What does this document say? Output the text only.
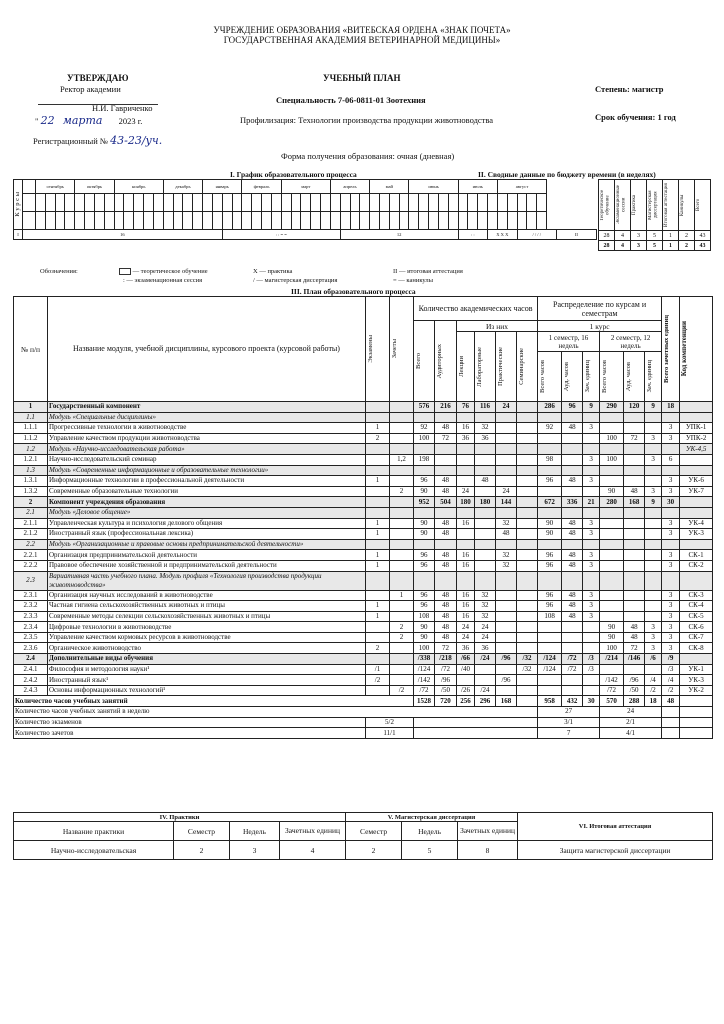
УЧРЕЖДЕНИЕ ОБРАЗОВАНИЯ «ВИТЕБСКАЯ ОРДЕНА «ЗНАК ПОЧЕТА»
ГОСУДАРСТВЕННАЯ АКАДЕМИЯ ВЕТЕРИНАРНОЙ МЕДИЦИНЫ»
УТВЕРЖДАЮ
Ректор академии
Н.И. Гавриченко
" 22 марта 2023 г.
Регистрационный № 43-23/уч.
УЧЕБНЫЙ ПЛАН
Специальность 7-06-0811-01 Зоотехния
Профилизация: Технологии производства продукции животноводства
Степень: магистр
Срок обучения: 1 год
Форма получения образования: очная (дневная)
I. График образовательного процесса	II. Сводные данные по бюджету времени (в неделях)
К у р с ы		сентябрь				октябрь				ноябрь					декабрь				январь				февраль				март					апрель				май				июнь					июль				август					

I	16																				: : = =												12												: :			X X X			/ / / /			II
Теоретическое обучение	Экзаменационные сессии	Практика	Магистерская диссертация	Итоговая аттестация	Каникулы	Всего

28	4	3	5	1	2	43
28	4	3	5	1	2	43
Обозначения:	— теоретическое обучение
: — экзаменационная сессия
X — практика
/ — магистерская диссертация
II — итоговая аттестация
= — каникулы
III. План образовательного процесса
№ п/п	Название модуля, учебной дисциплины, курсового проекта (курсовой работы)	Экзамены	Зачеты	Количество академических часов						Распределение по курсам и семестрам						Всего зачетных единиц	Код компетенции

				Всего	Аудиторных	Из них				1 курс							

						Лекции	Лабораторные	Практические	Семинарские	1 семестр, 16 недель			2 семестр, 12 недель				

										Всего часов	Ауд. часов	Зач. единиц	Всего часов	Ауд. часов	Зач. единиц		

1	Государственный компонент			576	216	76	116	24		286	96	9	290	120	9	18	
1.1	Модуль «Специальные дисциплины»																
1.1.1	Прогрессивные технологии в животноводстве	1		92	48	16	32			92	48	3				3	УПК-1
1.1.2	Управление качеством продукции животноводства	2		100	72	36	36						100	72	3	3	УПК-2
1.2	Модуль «Научно-исследовательская работа»																УК-4,5
1.2.1	Научно-исследовательский семинар		1,2	198						98		3	100		3	6	
1.3	Модуль «Современные информационные и образовательные технологии»																
1.3.1	Информационные технологии в профессиональной деятельности	1		96	48		48			96	48	3				3	УК-6
1.3.2	Современные образовательные технологии		2	90	48	24		24					90	48	3	3	УК-7
2	Компонент учреждения образования			952	504	180	180	144		672	336	21	280	168	9	30	
2.1	Модуль «Деловое общение»																
2.1.1	Управленческая культура и психология делового общения	1		90	48	16		32		90	48	3				3	УК-4
2.1.2	Иностранный язык (профессиональная лексика)	1		90	48			48		90	48	3				3	УК-3
2.2	Модуль «Организационные и правовые основы предпринимательской деятельности»																
2.2.1	Организация предпринимательской деятельности	1		96	48	16		32		96	48	3				3	СК-1
2.2.2	Правовое обеспечение хозяйственной и предпринимательской деятельности	1		96	48	16		32		96	48	3				3	СК-2
2.3	Вариативная часть учебного плана. Модуль профиля «Технология производства продукции животноводства»																
2.3.1	Организация научных исследований в животноводстве		1	96	48	16	32			96	48	3				3	СК-3
2.3.2	Частная гигиена сельскохозяйственных животных и птицы	1		96	48	16	32			96	48	3				3	СК-4
2.3.3	Современные методы селекции сельскохозяйственных животных и птицы	1		108	48	16	32			108	48	3				3	СК-5
2.3.4	Цифровые технологии в животноводстве		2	90	48	24	24						90	48	3	3	СК-6
2.3.5	Управление качеством кормовых ресурсов в животноводстве		2	90	48	24	24						90	48	3	3	СК-7
2.3.6	Органическое животноводство	2		100	72	36	36						100	72	3	3	СК-8
2.4	Дополнительные виды обучения			/338	/218	/66	/24	/96	/32	/124	/72	/3	/214	/146	/6	/9	
2.4.1	Философия и методология науки¹	/1		/124	/72	/40			/32	/124	/72	/3				/3	УК-1
2.4.2	Иностранный язык¹	/2		/142	/96			/96					/142	/96	/4	/4	УК-3
2.4.3	Основы информационных технологий¹		/2	/72	/50	/26	/24						/72	/50	/2	/2	УК-2
Количество часов учебных занятий				1528	720	256	296	168		958	432	30	570	288	18	48	
Количество часов учебных занятий в неделю										27			24				
Количество экзаменов		5/2								3/1			2/1				
Количество зачетов		11/1								7			4/1				
IV. Практики				V. Магистерская диссертация			VI. Итоговая аттестация
Название практики	Семестр	Недель	Зачетных единиц	Семестр	Недель	Зачетных единиц	
Научно-исследовательская	2	3	4	2	5	8	Защита магистерской диссертации
